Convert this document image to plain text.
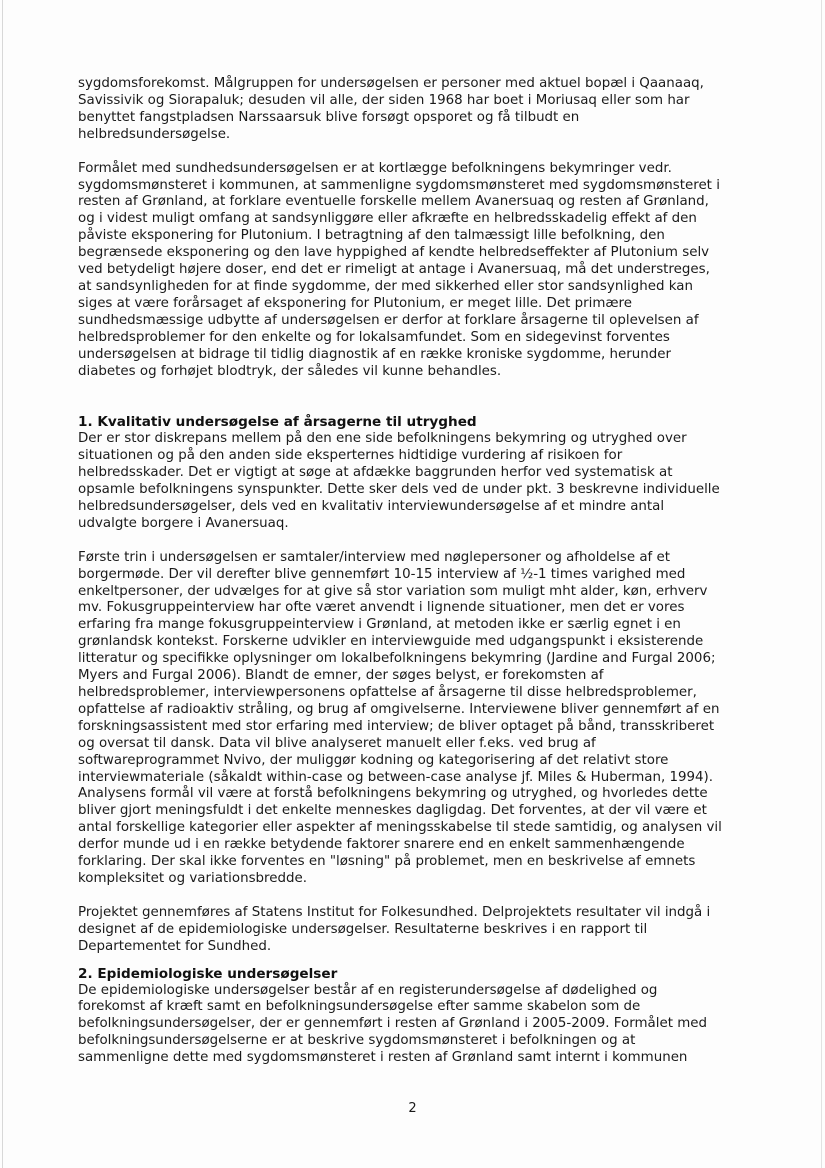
sygdomsforekomst. Målgruppen for undersøgelsen er personer med aktuel bopæl i Qaanaaq,
Savissivik og Siorapaluk; desuden vil alle, der siden 1968 har boet i Moriusaq eller som har
benyttet fangstpladsen Narssaarsuk blive forsøgt opsporet og få tilbudt en
helbredsundersøgelse.

Formålet med sundhedsundersøgelsen er at kortlægge befolkningens bekymringer vedr.
sygdomsmønsteret i kommunen, at sammenligne sygdomsmønsteret med sygdomsmønsteret i
resten af Grønland, at forklare eventuelle forskelle mellem Avanersuaq og resten af Grønland,
og i videst muligt omfang at sandsynliggøre eller afkræfte en helbredsskadelig effekt af den
påviste eksponering for Plutonium. I betragtning af den talmæssigt lille befolkning, den
begrænsede eksponering og den lave hyppighed af kendte helbredseffekter af Plutonium selv
ved betydeligt højere doser, end det er rimeligt at antage i Avanersuaq, må det understreges,
at sandsynligheden for at finde sygdomme, der med sikkerhed eller stor sandsynlighed kan
siges at være forårsaget af eksponering for Plutonium, er meget lille. Det primære
sundhedsmæssige udbytte af undersøgelsen er derfor at forklare årsagerne til oplevelsen af
helbredsproblemer for den enkelte og for lokalsamfundet. Som en sidegevinst forventes
undersøgelsen at bidrage til tidlig diagnostik af en række kroniske sygdomme, herunder
diabetes og forhøjet blodtryk, der således vil kunne behandles.

1. Kvalitativ undersøgelse af årsagerne til utryghed

Der er stor diskrepans mellem på den ene side befolkningens bekymring og utryghed over
situationen og på den anden side eksperternes hidtidige vurdering af risikoen for
helbredsskader. Det er vigtigt at søge at afdække baggrunden herfor ved systematisk at
opsamle befolkningens synspunkter. Dette sker dels ved de under pkt. 3 beskrevne individuelle
helbredsundersøgelser, dels ved en kvalitativ interviewundersøgelse af et mindre antal
udvalgte borgere i Avanersuaq.

Første trin i undersøgelsen er samtaler/interview med nøglepersoner og afholdelse af et
borgermøde. Der vil derefter blive gennemført 10-15 interview af ½-1 times varighed med
enkeltpersoner, der udvælges for at give så stor variation som muligt mht alder, køn, erhverv
mv. Fokusgruppeinterview har ofte været anvendt i lignende situationer, men det er vores
erfaring fra mange fokusgruppeinterview i Grønland, at metoden ikke er særlig egnet i en
grønlandsk kontekst. Forskerne udvikler en interviewguide med udgangspunkt i eksisterende
litteratur og specifikke oplysninger om lokalbefolkningens bekymring (Jardine and Furgal 2006;
Myers and Furgal 2006). Blandt de emner, der søges belyst, er forekomsten af
helbredsproblemer, interviewpersonens opfattelse af årsagerne til disse helbredsproblemer,
opfattelse af radioaktiv stråling, og brug af omgivelserne. Interviewene bliver gennemført af en
forskningsassistent med stor erfaring med interview; de bliver optaget på bånd, transskriberet
og oversat til dansk. Data vil blive analyseret manuelt eller f.eks. ved brug af
softwareprogrammet Nvivo, der muliggør kodning og kategorisering af det relativt store
interviewmateriale (såkaldt within-case og between-case analyse jf. Miles & Huberman, 1994).
Analysens formål vil være at forstå befolkningens bekymring og utryghed, og hvorledes dette
bliver gjort meningsfuldt i det enkelte menneskes dagligdag. Det forventes, at der vil være et
antal forskellige kategorier eller aspekter af meningsskabelse til stede samtidig, og analysen vil
derfor munde ud i en række betydende faktorer snarere end en enkelt sammenhængende
forklaring. Der skal ikke forventes en "løsning" på problemet, men en beskrivelse af emnets
kompleksitet og variationsbredde.

Projektet gennemføres af Statens Institut for Folkesundhed. Delprojektets resultater vil indgå i
designet af de epidemiologiske undersøgelser. Resultaterne beskrives i en rapport til
Departementet for Sundhed.

2. Epidemiologiske undersøgelser

De epidemiologiske undersøgelser består af en registerundersøgelse af dødelighed og
forekomst af kræft samt en befolkningsundersøgelse efter samme skabelon som de
befolkningsundersøgelser, der er gennemført i resten af Grønland i 2005-2009. Formålet med
befolkningsundersøgelserne er at beskrive sygdomsmønsteret i befolkningen og at
sammenligne dette med sygdomsmønsteret i resten af Grønland samt internt i kommunen

2
